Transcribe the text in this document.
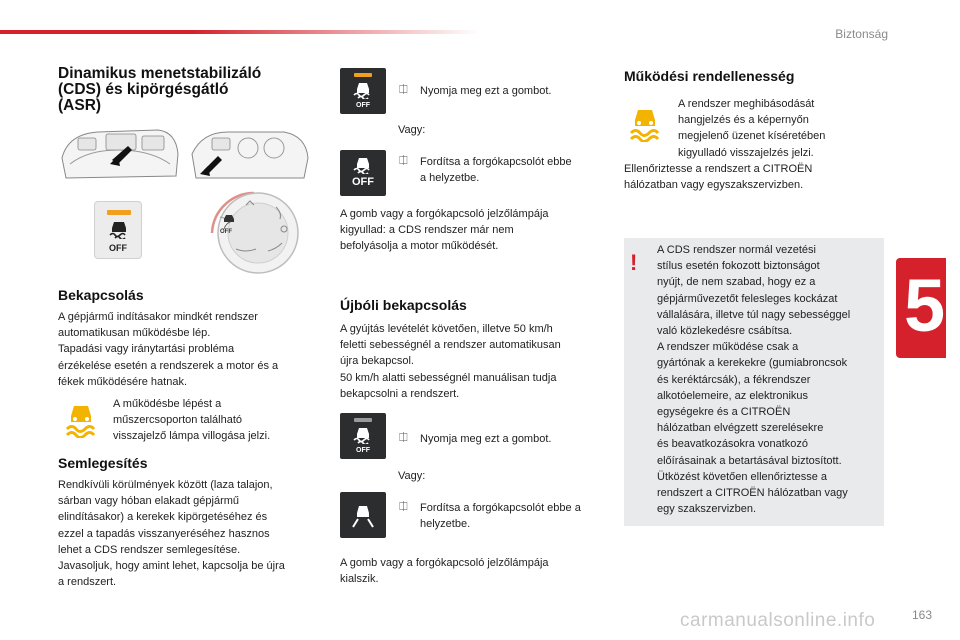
Biztonság
5
Dinamikus menetstabilizáló
(CDS) és kipörgésgátló
(ASR)
OFF
OFF
Bekapcsolás
A gépjármű indításakor mindkét rendszer
automatikusan működésbe lép.
Tapadási vagy iránytartási probléma
érzékelése esetén a rendszerek a motor és a
fékek működésére hatnak.
A működésbe lépést a
műszercsoporton található
visszajelző lámpa villogása jelzi.
Semlegesítés
Rendkívüli körülmények között (laza talajon,
sárban vagy hóban elakadt gépjármű
elindításakor) a kerekek kipörgetéséhez és
ezzel a tapadás visszanyeréséhez hasznos
lehet a CDS rendszer semlegesítése.
Javasoljuk, hogy amint lehet, kapcsolja be újra
a rendszert.
OFF
⎅ Nyomja meg ezt a gombot.
Vagy:
OFF
⎅ Fordítsa a forgókapcsolót ebbe
a helyzetbe.
A gomb vagy a forgókapcsoló jelzőlámpája
kigyullad: a CDS rendszer már nem
befolyásolja a motor működését.
Újbóli bekapcsolás
A gyújtás levételét követően, illetve 50 km/h
feletti sebességnél a rendszer automatikusan
újra bekapcsol.
50 km/h alatti sebességnél manuálisan tudja
bekapcsolni a rendszert.
OFF
⎅ Nyomja meg ezt a gombot.
Vagy:
⎅ Fordítsa a forgókapcsolót ebbe a
helyzetbe.
A gomb vagy a forgókapcsoló jelzőlámpája
kialszik.
Működési rendellenesség
A rendszer meghibásodását
hangjelzés és a képernyőn
megjelenő üzenet kíséretében
kigyulladó visszajelzés jelzi.
Ellenőriztesse a rendszert a CITROËN
hálózatban vagy egyszakszervizben.
! A CDS rendszer normál vezetési
stílus esetén fokozott biztonságot
nyújt, de nem szabad, hogy ez a
gépjárművezetőt felesleges kockázat
vállalására, illetve túl nagy sebességgel
való közlekedésre csábítsa.
A rendszer működése csak a
gyártónak a kerekekre (gumiabroncsok
és keréktárcsák), a fékrendszer
alkotóelemeire, az elektronikus
egységekre és a CITROËN
hálózatban elvégzett szerelésekre
és beavatkozásokra vonatkozó
előírásainak a betartásával biztosított.
Ütközést követően ellenőriztesse a
rendszert a CITROËN hálózatban vagy
egy szakszervizben.
carmanualsonline.info	163
